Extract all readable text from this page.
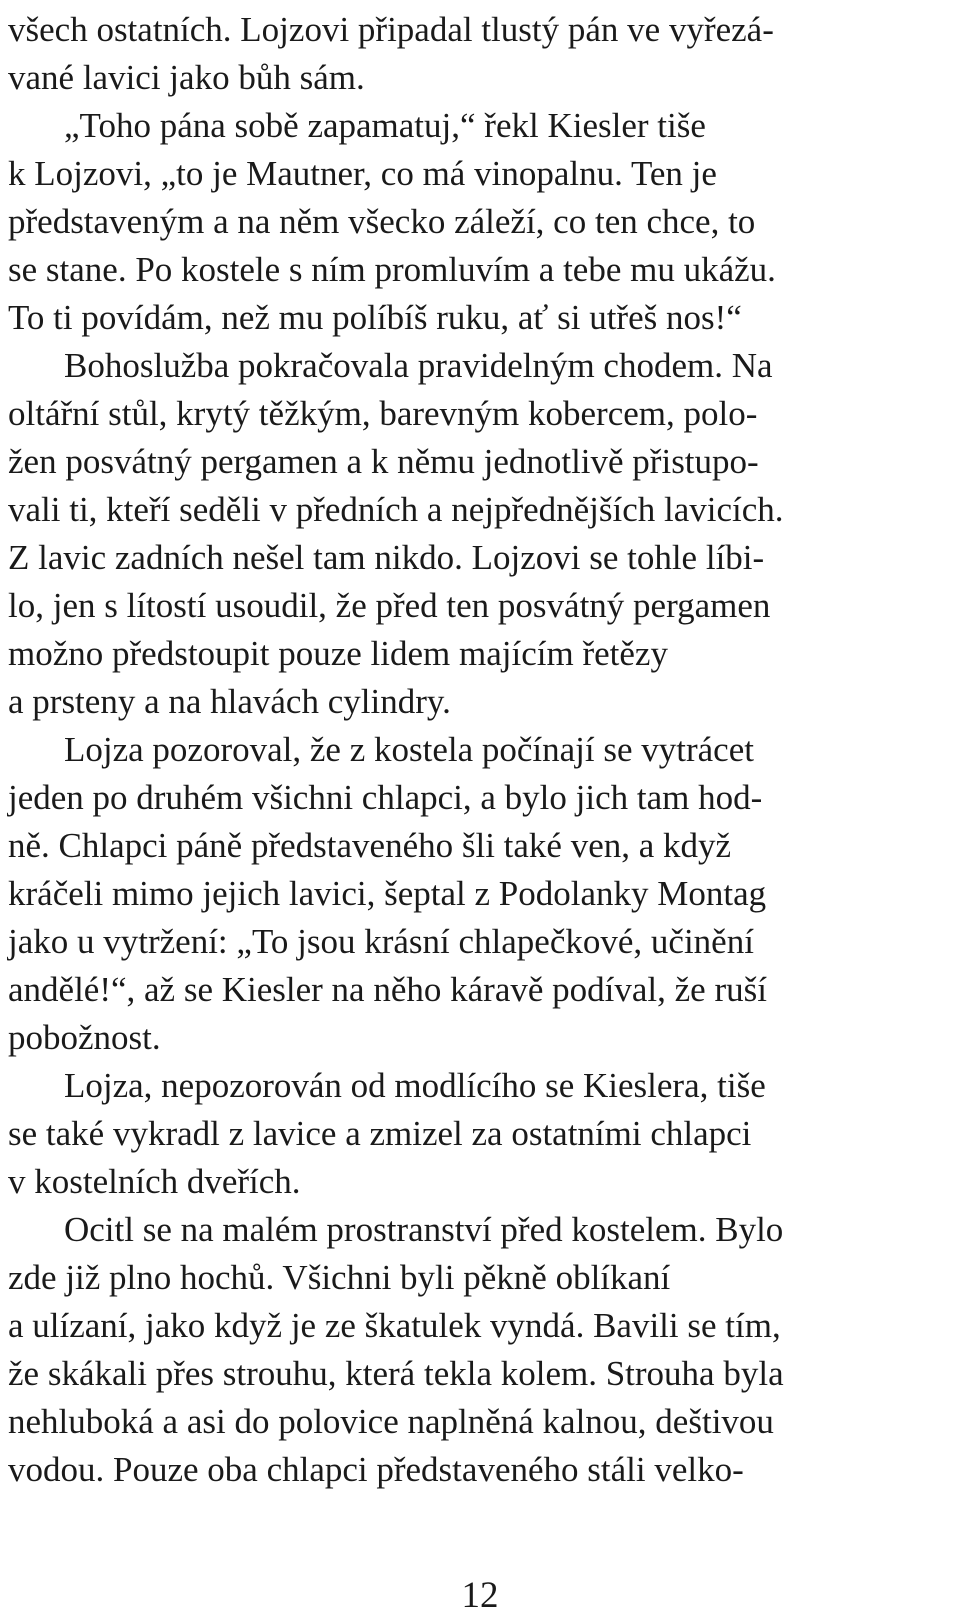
všech ostatních. Lojzovi připadal tlustý pán ve vyřezá-
vané lavici jako bůh sám.
„Toho pána sobě zapamatuj,“ řekl Kiesler tiše
k Lojzovi, „to je Mautner, co má vinopalnu. Ten je
představeným a na něm všecko záleží, co ten chce, to
se stane. Po kostele s ním promluvím a tebe mu ukážu.
To ti povídám, než mu políbíš ruku, ať si utřeš nos!“
Bohoslužba pokračovala pravidelným chodem. Na
oltářní stůl, krytý těžkým, barevným kobercem, polo-
žen posvátný pergamen a k němu jednotlivě přistupo-
vali ti, kteří seděli v předních a nejpřednějších lavicích.
Z lavic zadních nešel tam nikdo. Lojzovi se tohle líbi-
lo, jen s lítostí usoudil, že před ten posvátný pergamen
možno předstoupit pouze lidem majícím řetězy
a prsteny a na hlavách cylindry.
Lojza pozoroval, že z kostela počínají se vytrácet
jeden po druhém všichni chlapci, a bylo jich tam hod-
ně. Chlapci páně představeného šli také ven, a když
kráčeli mimo jejich lavici, šeptal z Podolanky Montag
jako u vytržení: „To jsou krásní chlapečkové, učinění
andělé!“, až se Kiesler na něho káravě podíval, že ruší
pobožnost.
Lojza, nepozorován od modlícího se Kieslera, tiše
se také vykradl z lavice a zmizel za ostatními chlapci
v kostelních dveřích.
Ocitl se na malém prostranství před kostelem. Bylo
zde již plno hochů. Všichni byli pěkně oblíkaní
a ulízaní, jako když je ze škatulek vyndá. Bavili se tím,
že skákali přes strouhu, která tekla kolem. Strouha byla
nehluboká a asi do polovice naplněná kalnou, deštivou
vodou. Pouze oba chlapci představeného stáli velko-
12
